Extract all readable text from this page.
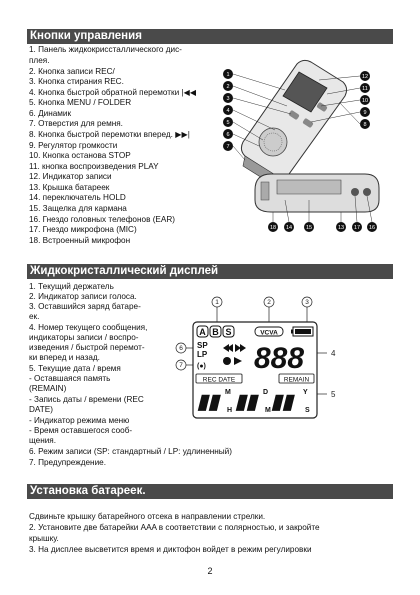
Кнопки управления
1. Панель жидкокриссталлического дис-
плея.
2. Кнопка записи REC/
3. Кнопка стирания REC.
4. Кнопка быстрой обратной перемотки |◀◀
5. Кнопка MENU / FOLDER
6. Динамик
7. Отверстия для ремня.
8. Кнопка быстрой перемотки вперед. ▶▶|
9. Регулятор громкости
10. Кнопка останова STOP
11. кнопка воспроизведения PLAY
12. Индикатор записи
13. Крышка батареек
14. переключатель HOLD
15. Защелка для кармана
16. Гнездо головных телефонов (EAR)
17. Гнездо микрофона (MIC)
18. Встроенный микрофон
1
2
3
4
5
6
7
12
11
10
9
8
18 14	15	13 17 16
Жидкокристаллический дисплей
1. Текущий держатель
2. Индикатор записи голоса.
3. Оставшийся заряд батаре-
ек.
4. Номер текущего сообщения,
индикаторы записи / воспро-
изведения / быстрой перемот-
ки вперед и назад.
5. Текущие дата / время
- Оставшаяся память
(REMAIN)
- Запись даты / времени (REC
DATE)
- Индикатор режима меню
- Время оставшегося сооб-
щения.
6. Режим записи (SP: стандартный / LP: удлиненный)
7. Предупреждение.
1	2	3
6
7
4
5
A B S	VCVA
SP
LP
(●) 888
REC DATE	REMAIN
▮▮ ▮▮ ▮▮
M
H
D
M
Y
S
Установка батареек.
Сдвиньте крышку батарейного отсека в направлении стрелки.
2. Установите две батарейки AAA в соответствии с полярностью, и закройте
крышку.
3. На дисплее высветится время и диктофон войдет в режим регулировки
2
